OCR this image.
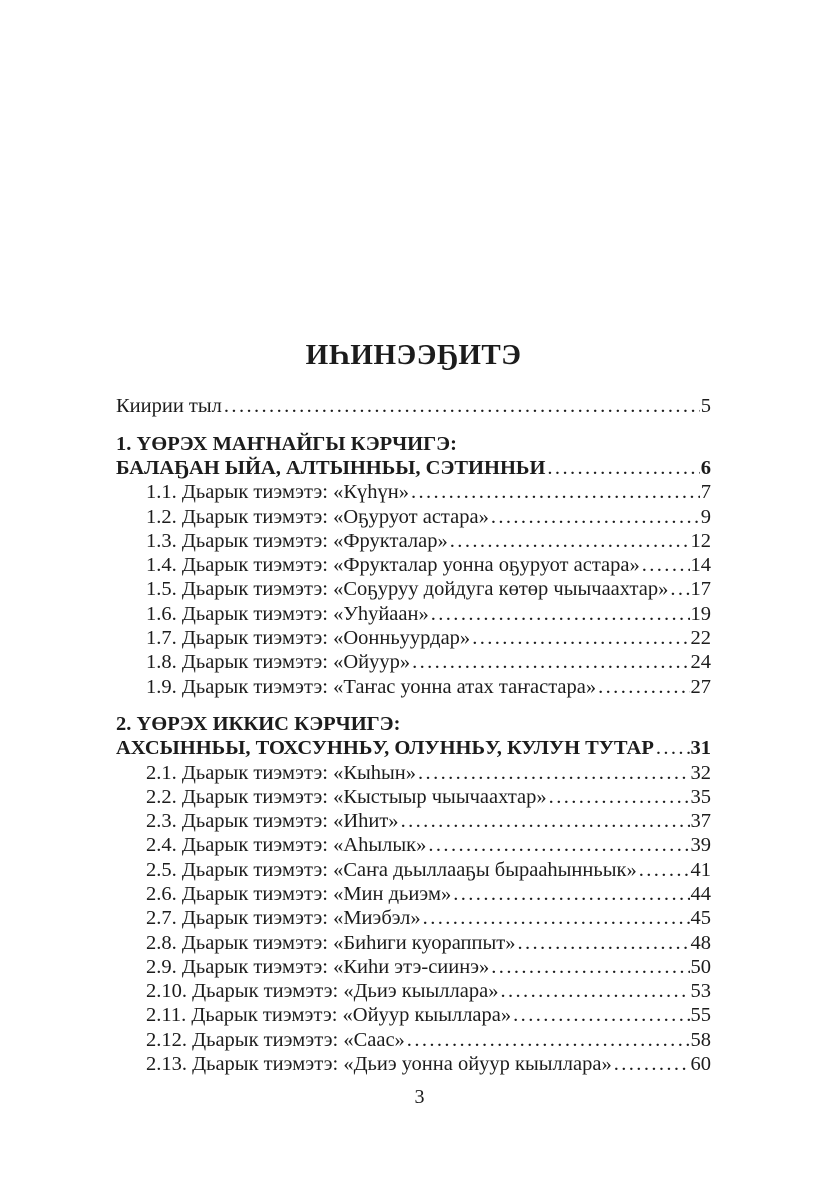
ИҺИНЭЭҔИТЭ
Киирии тыл .....	5
1. ҮӨРЭХ МАҤНАЙГЫ КЭРЧИГЭ:
БАЛАҔАН ЫЙА, АЛТЫННЬЫ, СЭТИННЬИ .....	6
1.1. Дьарык тиэмэтэ: «Күһүн» .....	7
1.2. Дьарык тиэмэтэ: «Оҕуруот астара» .....	9
1.3. Дьарык тиэмэтэ: «Фрукталар» .....	12
1.4. Дьарык тиэмэтэ: «Фрукталар уонна оҕуруот астара» ..... 14
1.5. Дьарык тиэмэтэ: «Соҕуруу дойдуга көтөр чыычаахтар» ..... 17
1.6. Дьарык тиэмэтэ: «Уһуйаан» .....	19
1.7. Дьарык тиэмэтэ: «Оонньуурдар» .....	22
1.8. Дьарык тиэмэтэ: «Ойуур» .....	24
1.9. Дьарык тиэмэтэ: «Таҥас уонна атах таҥастара» .....	27
2. ҮӨРЭХ ИККИС КЭРЧИГЭ:
АХСЫННЬЫ, ТОХСУННЬУ, ОЛУННЬУ, КУЛУН ТУТАР ..... 31
2.1. Дьарык тиэмэтэ: «Кыһын» .....	32
2.2. Дьарык тиэмэтэ: «Кыстыыр чыычаахтар» .....	35
2.3. Дьарык тиэмэтэ: «Иһит» .....	37
2.4. Дьарык тиэмэтэ: «Аһылык» .....	39
2.5. Дьарык тиэмэтэ: «Саҥа дьыллааҕы бырааһынньык» .....	41
2.6. Дьарык тиэмэтэ: «Мин дьиэм» .....	44
2.7. Дьарык тиэмэтэ: «Миэбэл» .....	45
2.8. Дьарык тиэмэтэ: «Биһиги куораппыт» .....	48
2.9. Дьарык тиэмэтэ: «Киһи этэ-сиинэ» .....	50
2.10. Дьарык тиэмэтэ: «Дьиэ кыыллара» .....	53
2.11. Дьарык тиэмэтэ: «Ойуур кыыллара» .....	55
2.12. Дьарык тиэмэтэ: «Саас» .....	58
2.13. Дьарык тиэмэтэ: «Дьиэ уонна ойуур кыыллара» .....	60
3
